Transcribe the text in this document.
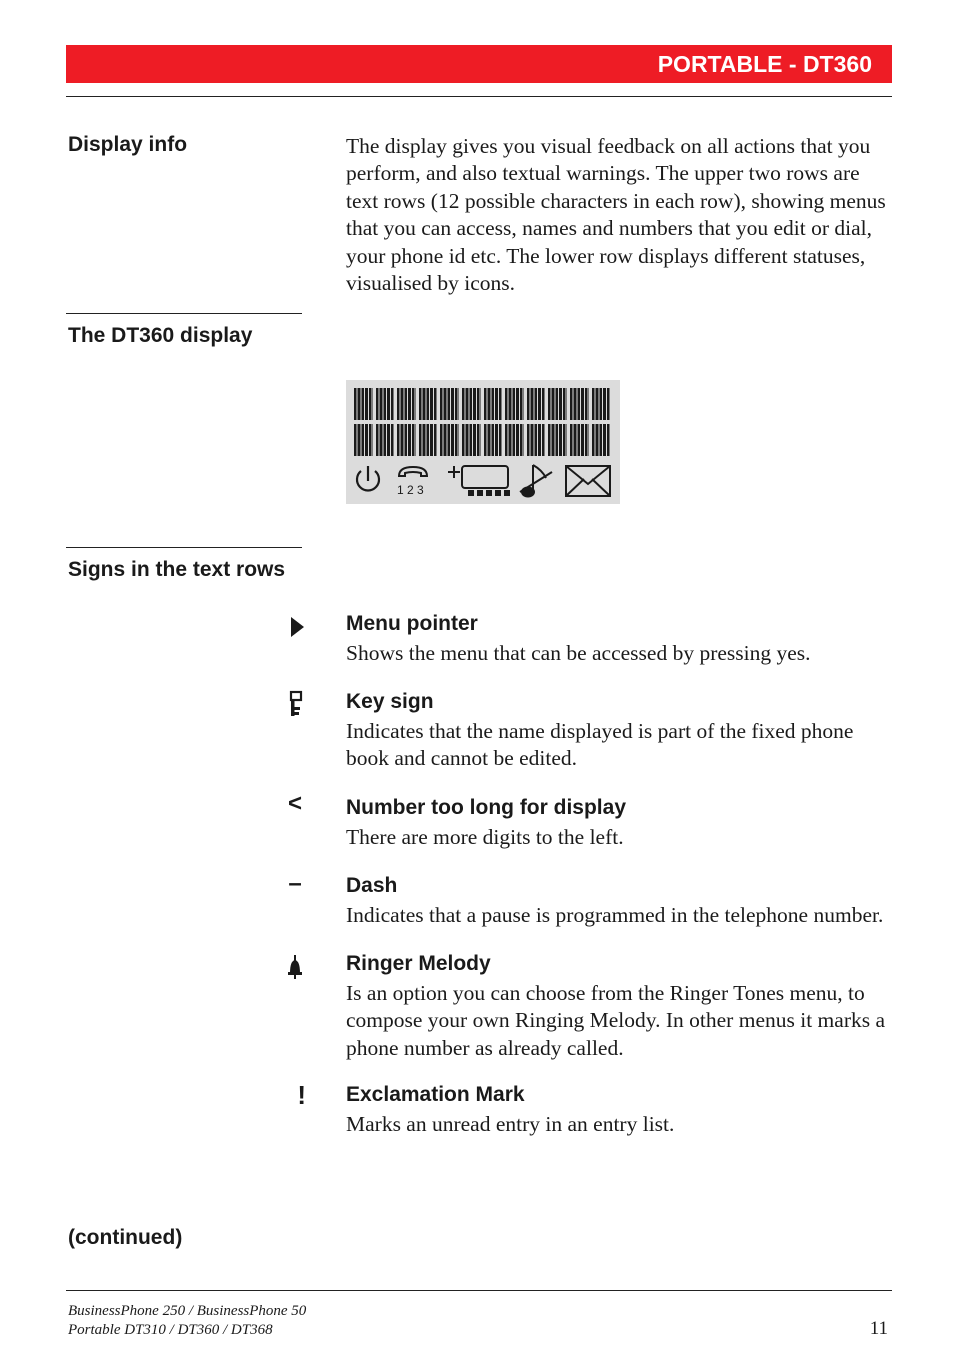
PORTABLE - DT360
Display info	The display gives you visual feedback on all actions that you perform, and also textual warnings. The upper two rows are text rows (12 possible characters in each row), showing menus that you can access, names and numbers that you edit or dial, your phone id etc. The lower row displays different statuses, visualised by icons.
The DT360 display
1 2 3
Signs in the text rows
Menu pointer
Shows the menu that can be accessed by pressing yes.
Key sign
Indicates that the name displayed is part of the fixed phone book and cannot be edited.
<	Number too long for display
There are more digits to the left.
–	Dash
Indicates that a pause is programmed in the telephone number.
Ringer Melody
Is an option you can choose from the Ringer Tones menu, to compose your own Ringing Melody. In other menus it marks a phone number as already called.
! Exclamation Mark
Marks an unread entry in an entry list.
(continued)
BusinessPhone 250 / BusinessPhone 50
Portable DT310 / DT360 / DT368	11
